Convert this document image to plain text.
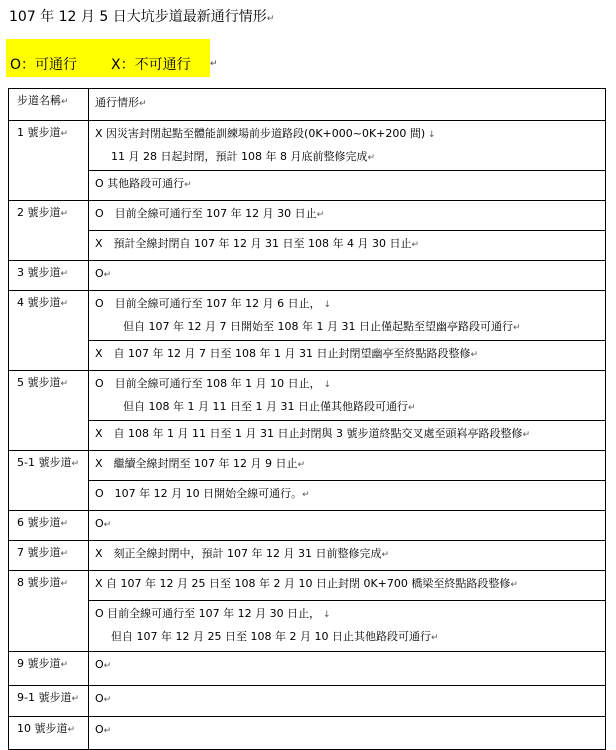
107 年 12 月 5 日大坑步道最新通行情形↵
O：可通行 X：不可通行 ↵
步道名稱↵	通行情形↵
1 號步道↵	X 因災害封閉起點至體能訓練場前步道路段(0K+000~0K+200 間) ↓
11 月 28 日起封閉，預計 108 年 8 月底前整修完成↵

	O 其他路段可通行↵

2 號步道↵	O　目前全線可通行至 107 年 12 月 30 日止↵

	X　預計全線封閉自 107 年 12 月 31 日至 108 年 4 月 30 日止↵

3 號步道↵	O↵

4 號步道↵	O　目前全線可通行至 107 年 12 月 6 日止， ↓
但自 107 年 12 月 7 日開始至 108 年 1 月 31 日止僅起點至望幽亭路段可通行↵

	X　自 107 年 12 月 7 日至 108 年 1 月 31 日止封閉望幽亭至終點路段整修↵

5 號步道↵	O　目前全線可通行至 108 年 1 月 10 日止， ↓
但自 108 年 1 月 11 日至 1 月 31 日止僅其他路段可通行↵

	X　自 108 年 1 月 11 日至 1 月 31 日止封閉與 3 號步道終點交叉處至頭嵙亭路段整修↵

5-1 號步道↵	X　繼續全線封閉至 107 年 12 月 9 日止↵

	O　107 年 12 月 10 日開始全線可通行。↵

6 號步道↵	O↵

7 號步道↵	X　刻正全線封閉中，預計 107 年 12 月 31 日前整修完成↵

8 號步道↵	X 自 107 年 12 月 25 日至 108 年 2 月 10 日止封閉 0K+700 橋梁至終點路段整修↵

	O 目前全線可通行至 107 年 12 月 30 日止， ↓
但自 107 年 12 月 25 日至 108 年 2 月 10 日止其他路段可通行↵

9 號步道↵	O↵

9-1 號步道↵	O↵

10 號步道↵	O↵
